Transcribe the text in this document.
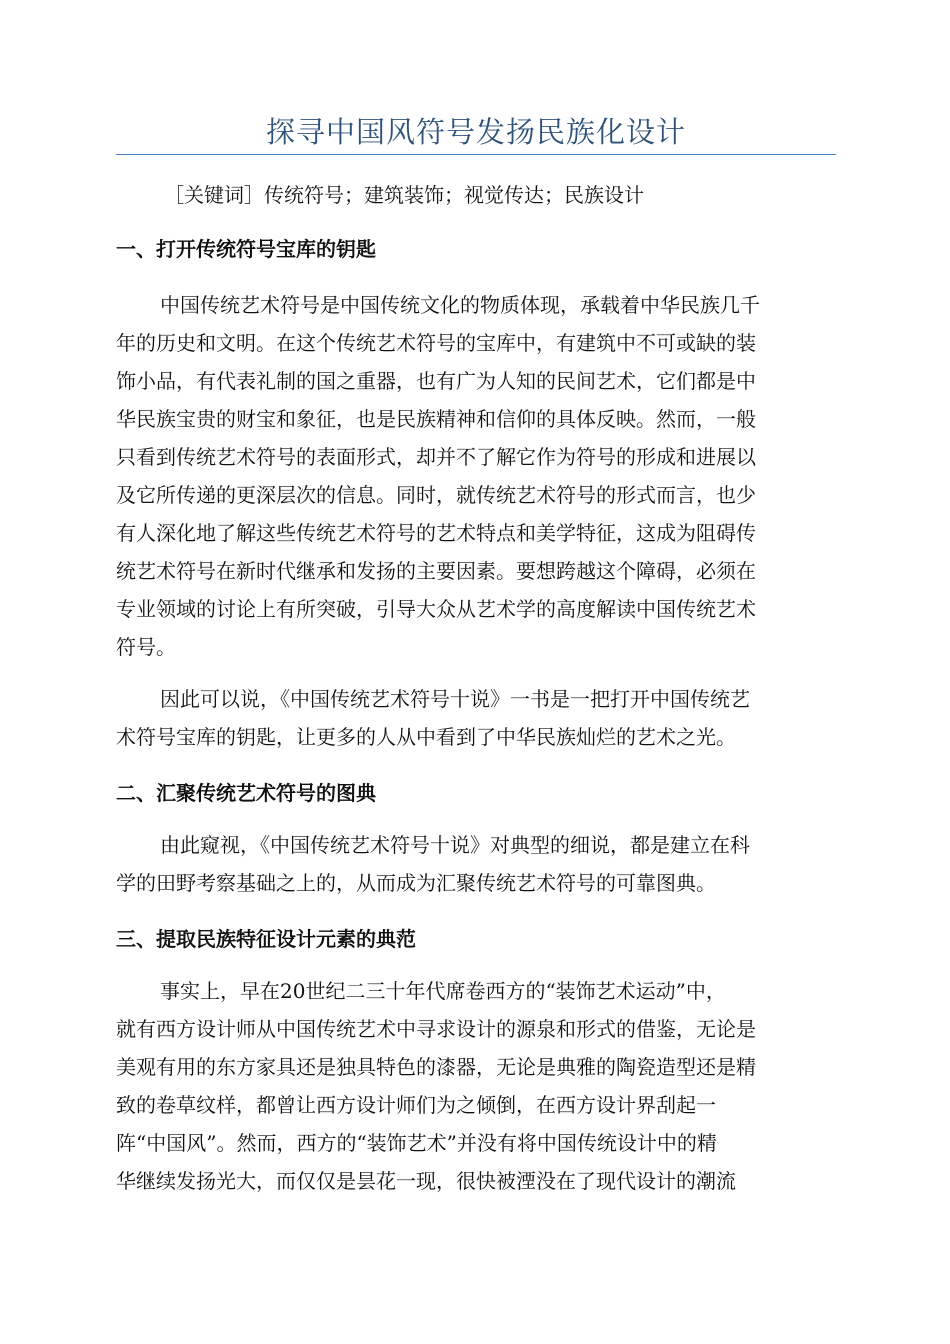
探寻中国风符号发扬民族化设计
［关键词］传统符号；建筑装饰；视觉传达；民族设计
一、打开传统符号宝库的钥匙
中国传统艺术符号是中国传统文化的物质体现，承载着中华民族几千
年的历史和文明。在这个传统艺术符号的宝库中，有建筑中不可或缺的装
饰小品，有代表礼制的国之重器，也有广为人知的民间艺术，它们都是中
华民族宝贵的财宝和象征，也是民族精神和信仰的具体反映。然而，一般
只看到传统艺术符号的表面形式，却并不了解它作为符号的形成和进展以
及它所传递的更深层次的信息。同时，就传统艺术符号的形式而言，也少
有人深化地了解这些传统艺术符号的艺术特点和美学特征，这成为阻碍传
统艺术符号在新时代继承和发扬的主要因素。要想跨越这个障碍，必须在
专业领域的讨论上有所突破，引导大众从艺术学的高度解读中国传统艺术
符号。
因此可以说，《中国传统艺术符号十说》一书是一把打开中国传统艺
术符号宝库的钥匙，让更多的人从中看到了中华民族灿烂的艺术之光。
二、汇聚传统艺术符号的图典
由此窥视，《中国传统艺术符号十说》对典型的细说，都是建立在科
学的田野考察基础之上的，从而成为汇聚传统艺术符号的可靠图典。
三、提取民族特征设计元素的典范
事实上，早在20世纪二三十年代席卷西方的“装饰艺术运动”中，
就有西方设计师从中国传统艺术中寻求设计的源泉和形式的借鉴，无论是
美观有用的东方家具还是独具特色的漆器，无论是典雅的陶瓷造型还是精
致的卷草纹样，都曾让西方设计师们为之倾倒，在西方设计界刮起一
阵“中国风”。然而，西方的“装饰艺术”并没有将中国传统设计中的精
华继续发扬光大，而仅仅是昙花一现，很快被湮没在了现代设计的潮流
